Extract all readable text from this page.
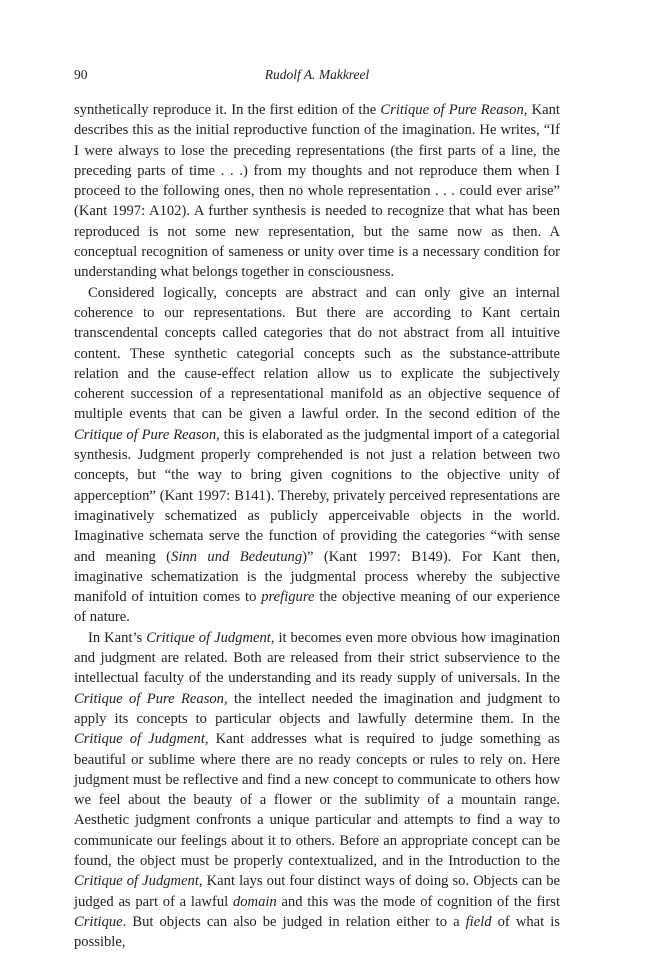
90	Rudolf A. Makkreel

synthetically reproduce it. In the first edition of the Critique of Pure Reason, Kant describes this as the initial reproductive function of the imagination. He writes, “If I were always to lose the preceding representations (the first parts of a line, the preceding parts of time . . .) from my thoughts and not reproduce them when I proceed to the following ones, then no whole representation . . . could ever arise” (Kant 1997: A102). A further synthesis is needed to recognize that what has been reproduced is not some new representation, but the same now as then. A conceptual recognition of sameness or unity over time is a necessary condition for understanding what belongs together in consciousness.

Considered logically, concepts are abstract and can only give an internal coherence to our representations. But there are according to Kant certain transcendental concepts called categories that do not abstract from all intuitive content. These synthetic categorial concepts such as the substance-attribute relation and the cause-effect relation allow us to explicate the subjectively coherent succession of a representational manifold as an objective sequence of multiple events that can be given a lawful order. In the second edition of the Critique of Pure Reason, this is elaborated as the judgmental import of a categorial synthesis. Judgment properly comprehended is not just a relation between two concepts, but “the way to bring given cognitions to the objective unity of apperception” (Kant 1997: B141). Thereby, privately perceived representations are imaginatively schematized as publicly apperceivable objects in the world. Imaginative schemata serve the function of providing the categories “with sense and meaning (Sinn und Bedeutung)” (Kant 1997: B149). For Kant then, imaginative schematization is the judgmental process whereby the subjective manifold of intuition comes to prefigure the objective meaning of our experience of nature.

In Kant’s Critique of Judgment, it becomes even more obvious how imagination and judgment are related. Both are released from their strict subservience to the intellectual faculty of the understanding and its ready supply of universals. In the Critique of Pure Reason, the intellect needed the imagination and judgment to apply its concepts to particular objects and lawfully determine them. In the Critique of Judgment, Kant addresses what is required to judge something as beautiful or sublime where there are no ready concepts or rules to rely on. Here judgment must be reflective and find a new concept to communicate to others how we feel about the beauty of a flower or the sublimity of a mountain range. Aesthetic judgment confronts a unique particular and attempts to find a way to communicate our feelings about it to others. Before an appropriate concept can be found, the object must be properly contextualized, and in the Introduction to the Critique of Judgment, Kant lays out four distinct ways of doing so. Objects can be judged as part of a lawful domain and this was the mode of cognition of the first Critique. But objects can also be judged in relation either to a field of what is possible,
